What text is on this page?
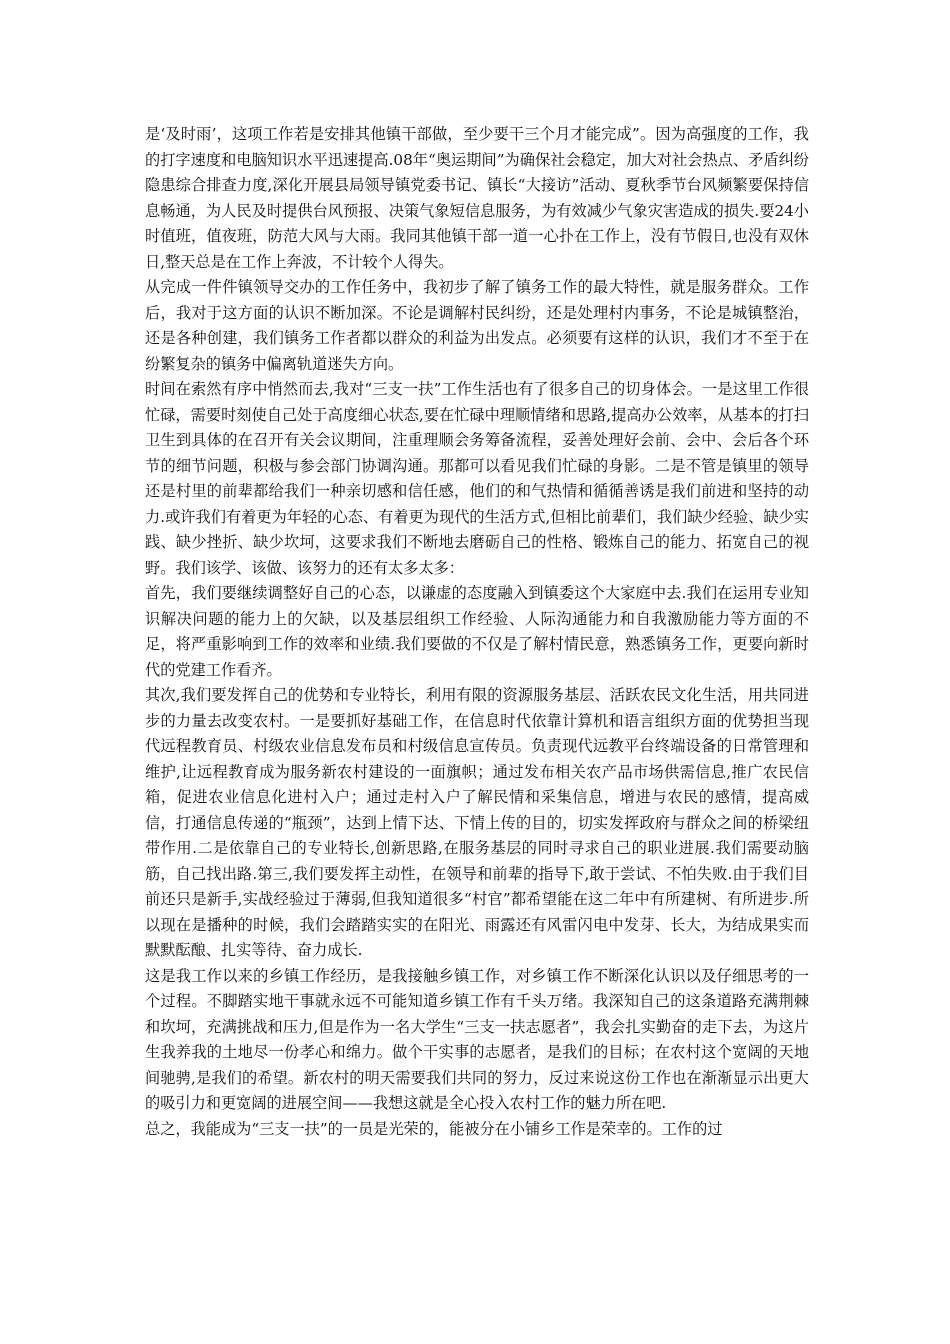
是‘及时雨’，这项工作若是安排其他镇干部做，至少要干三个月才能完成”。因为高强度的工作，我的打字速度和电脑知识水平迅速提高.08年“奥运期间”为确保社会稳定，加大对社会热点、矛盾纠纷隐患综合排查力度,深化开展县局领导镇党委书记、镇长“大接访”活动、夏秋季节台风频繁要保持信息畅通，为人民及时提供台风预报、决策气象短信息服务，为有效减少气象灾害造成的损失.要24小时值班，值夜班，防范大风与大雨。我同其他镇干部一道一心扑在工作上，没有节假日,也没有双休日,整天总是在工作上奔波，不计较个人得失。

从完成一件件镇领导交办的工作任务中，我初步了解了镇务工作的最大特性，就是服务群众。工作后，我对于这方面的认识不断加深。不论是调解村民纠纷，还是处理村内事务，不论是城镇整治，还是各种创建，我们镇务工作者都以群众的利益为出发点。必须要有这样的认识，我们才不至于在纷繁复杂的镇务中偏离轨道迷失方向。

时间在索然有序中悄然而去,我对“三支一扶”工作生活也有了很多自己的切身体会。一是这里工作很忙碌，需要时刻使自己处于高度细心状态,要在忙碌中理顺情绪和思路,提高办公效率，从基本的打扫卫生到具体的在召开有关会议期间，注重理顺会务筹备流程，妥善处理好会前、会中、会后各个环节的细节问题，积极与参会部门协调沟通。那都可以看见我们忙碌的身影。二是不管是镇里的领导还是村里的前辈都给我们一种亲切感和信任感，他们的和气热情和循循善诱是我们前进和坚持的动力.或许我们有着更为年轻的心态、有着更为现代的生活方式,但相比前辈们，我们缺少经验、缺少实践、缺少挫折、缺少坎坷，这要求我们不断地去磨砺自己的性格、锻炼自己的能力、拓宽自己的视野。我们该学、该做、该努力的还有太多太多：

首先，我们要继续调整好自己的心态，以谦虚的态度融入到镇委这个大家庭中去.我们在运用专业知识解决问题的能力上的欠缺，以及基层组织工作经验、人际沟通能力和自我激励能力等方面的不足，将严重影响到工作的效率和业绩.我们要做的不仅是了解村情民意，熟悉镇务工作，更要向新时代的党建工作看齐。

其次,我们要发挥自己的优势和专业特长，利用有限的资源服务基层、活跃农民文化生活，用共同进步的力量去改变农村。一是要抓好基础工作，在信息时代依靠计算机和语言组织方面的优势担当现代远程教育员、村级农业信息发布员和村级信息宣传员。负责现代远教平台终端设备的日常管理和维护,让远程教育成为服务新农村建设的一面旗帜；通过发布相关农产品市场供需信息,推广农民信箱，促进农业信息化进村入户；通过走村入户了解民情和采集信息，增进与农民的感情，提高威信，打通信息传递的“瓶颈”，达到上情下达、下情上传的目的，切实发挥政府与群众之间的桥梁纽带作用.二是依靠自己的专业特长,创新思路,在服务基层的同时寻求自己的职业进展.我们需要动脑筋，自己找出路.第三,我们要发挥主动性，在领导和前辈的指导下,敢于尝试、不怕失败.由于我们目前还只是新手,实战经验过于薄弱,但我知道很多“村官”都希望能在这二年中有所建树、有所进步.所以现在是播种的时候，我们会踏踏实实的在阳光、雨露还有风雷闪电中发芽、长大，为结成果实而默默酝酿、扎实等待、奋力成长.

这是我工作以来的乡镇工作经历，是我接触乡镇工作，对乡镇工作不断深化认识以及仔细思考的一个过程。不脚踏实地干事就永远不可能知道乡镇工作有千头万绪。我深知自己的这条道路充满荆棘和坎坷，充满挑战和压力,但是作为一名大学生“三支一扶志愿者”，我会扎实勤奋的走下去，为这片生我养我的土地尽一份孝心和绵力。做个干实事的志愿者，是我们的目标；在农村这个宽阔的天地间驰骋,是我们的希望。新农村的明天需要我们共同的努力，反过来说这份工作也在渐渐显示出更大的吸引力和更宽阔的进展空间——我想这就是全心投入农村工作的魅力所在吧.

总之，我能成为“三支一扶”的一员是光荣的，能被分在小铺乡工作是荣幸的。工作的过
